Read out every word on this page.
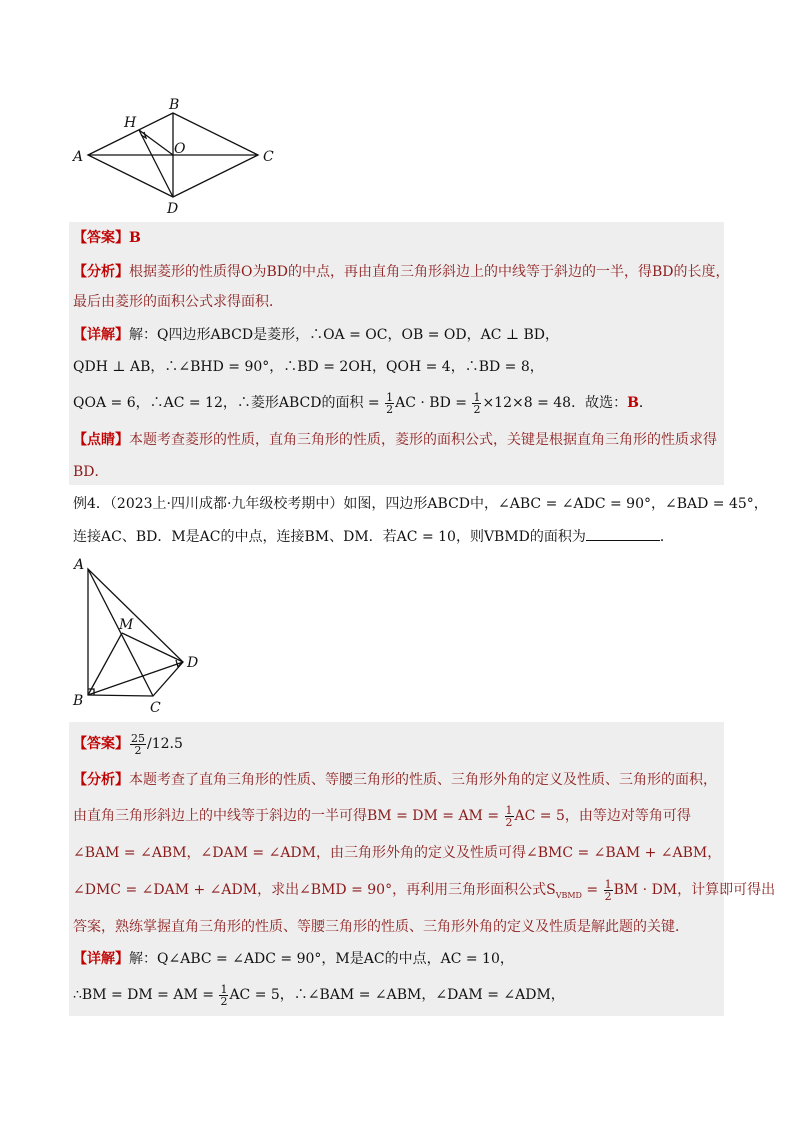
A
B
C
D
H
O
【答案】B
【分析】根据菱形的性质得O为BD的中点，再由直角三角形斜边上的中线等于斜边的一半，得BD的长度，
最后由菱形的面积公式求得面积．
【详解】解：Q四边形ABCD是菱形，∴OA = OC，OB = OD，AC ⊥ BD，
QDH ⊥ AB，∴∠BHD = 90°，∴BD = 2OH，QOH = 4，∴BD = 8，
QOA = 6，∴AC = 12，∴菱形ABCD的面积 = $\frac{1}{2}$ AC · BD = $\frac{1}{2} \times 12\times 8 = 48$．故选：B．
【点睛】本题考查菱形的性质，直角三角形的性质，菱形的面积公式，关键是根据直角三角形的性质求得
BD．
例4．（2023上·四川成都·九年级校考期中）如图，四边形ABCD中，∠ABC = ∠ADC = 90°，∠BAD = 45°，
连接AC、BD．M是AC的中点，连接BM、DM．若AC = 10，则VBMD的面积为	．
A
M
D
B	C
【答案】 $\frac{25}{2} /12.5$
【分析】本题考查了直角三角形的性质、等腰三角形的性质、三角形外角的定义及性质、三角形的面积，
由直角三角形斜边上的中线等于斜边的一半可得BM = DM = AM = $\frac{1}{2}$ AC = 5，由等边对等角可得
∠BAM = ∠ABM，∠DAM = ∠ADM，由三角形外角的定义及性质可得∠BMC = ∠BAM + ∠ABM，
∠DMC = ∠DAM + ∠ADM，求出∠BMD = 90°，再利用三角形面积公式$S_{VBMD} = \frac{1}{2}$ BM · DM，计算即可得出
答案，熟练掌握直角三角形的性质、等腰三角形的性质、三角形外角的定义及性质是解此题的关键．
【详解】解：Q∠ABC = ∠ADC = 90°，M是AC的中点，AC = 10，
∴BM = DM = AM = $\frac{1}{2}$ AC = 5，∴∠BAM = ∠ABM，∠DAM = ∠ADM，
